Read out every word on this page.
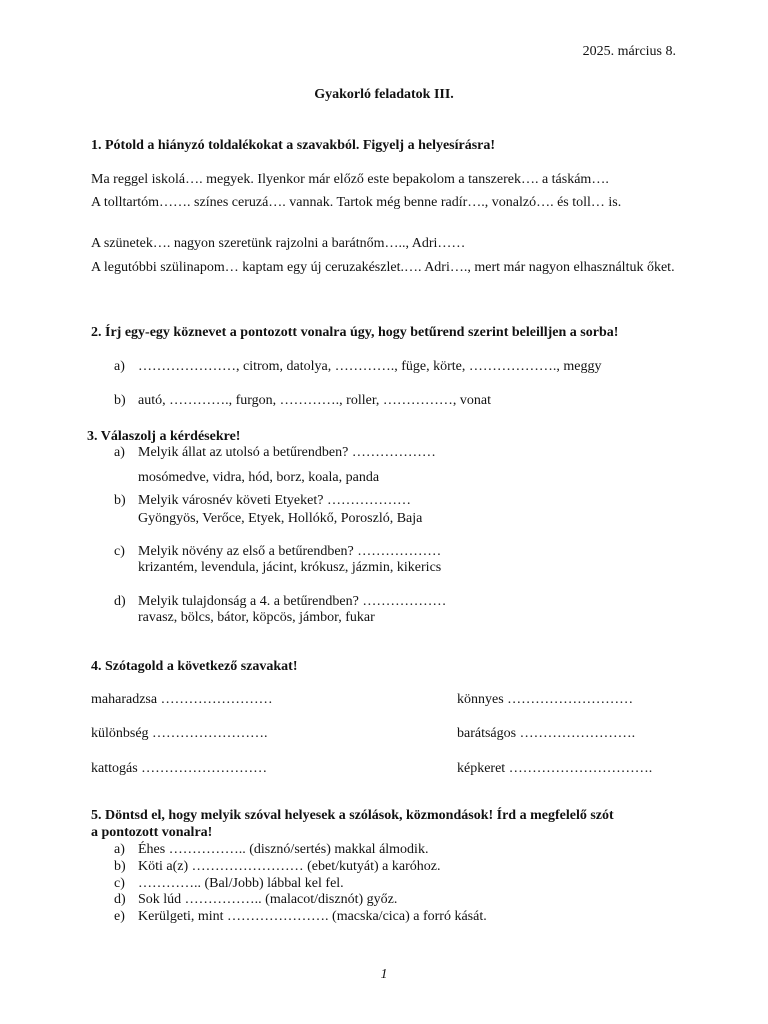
2025. március 8.
Gyakorló feladatok III.
1. Pótold a hiányzó toldalékokat a szavakból. Figyelj a helyesírásra!
Ma reggel iskolá…. megyek. Ilyenkor már előző este bepakolom a tanszerek…. a táskám….
A tolltartóm……. színes ceruzá…. vannak. Tartok még benne radír…., vonalzó…. és toll… is.
A szünetek…. nagyon szeretünk rajzolni a barátnőm….., Adri……
A legutóbbi szülinapom… kaptam egy új ceruzakészlet.…. Adri…., mert már nagyon elhasználtuk őket.
2. Írj egy-egy köznevet a pontozott vonalra úgy, hogy betűrend szerint beleilljen a sorba!
a) …………………, citrom, datolya, …………., füge, körte, ………………., meggy
b) autó, …………., furgon, …………., roller, ……………, vonat
3. Válaszolj a kérdésekre!
a) Melyik állat az utolsó a betűrendben? ………………
mosómedve, vidra, hód, borz, koala, panda
b) Melyik városnév követi Etyeket? ………………
Gyöngyös, Verőce, Etyek, Hollókő, Poroszló, Baja
c) Melyik növény az első a betűrendben? ………………
krizantém, levendula, jácint, krókusz, jázmin, kikerics
d) Melyik tulajdonság a 4. a betűrendben? ………………
ravasz, bölcs, bátor, köpcös, jámbor, fukar
4. Szótagold a következő szavakat!
maharadzsa ……………………	könnyes ………………………
különbség …………………….	barátságos …………………….
kattogás ………………………	képkeret ………………………….
5. Döntsd el, hogy melyik szóval helyesek a szólások, közmondások! Írd a megfelelő szót
a pontozott vonalra!
a) Éhes …………….. (disznó/sertés) makkal álmodik.
b) Köti a(z) …………………… (ebet/kutyát) a karóhoz.
c) ………….. (Bal/Jobb) lábbal kel fel.
d) Sok lúd …………….. (malacot/disznót) győz.
e) Kerülgeti, mint …………………. (macska/cica) a forró kását.
1
